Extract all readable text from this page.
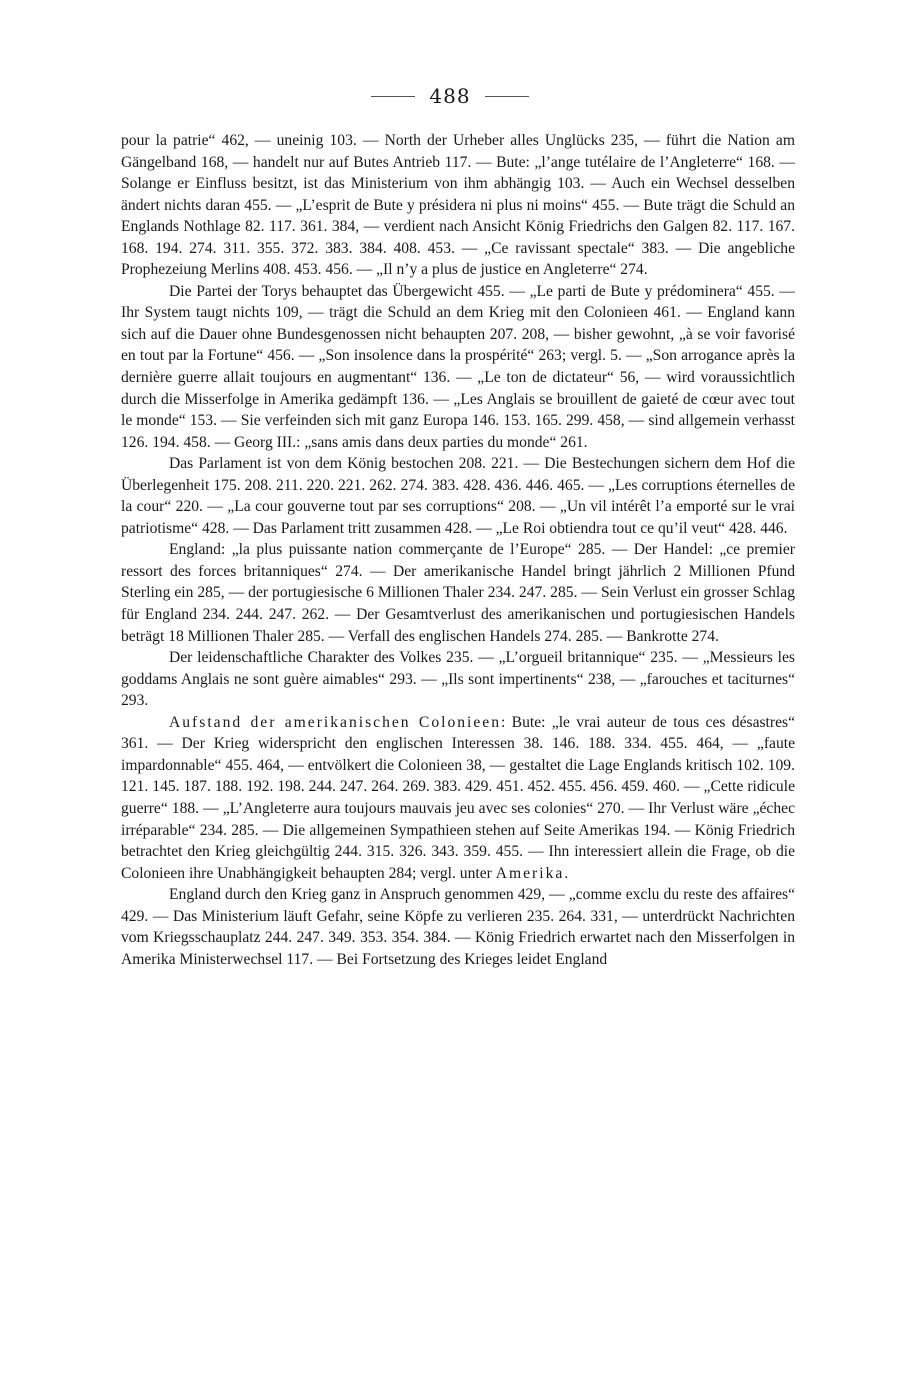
488

pour la patrie“ 462, — uneinig 103. — North der Urheber alles Unglücks 235, — führt die Nation am Gängelband 168, — handelt nur auf Butes Antrieb 117. — Bute: „l’ange tutélaire de l’Angleterre“ 168. — Solange er Einfluss besitzt, ist das Ministerium von ihm abhängig 103. — Auch ein Wechsel desselben ändert nichts daran 455. — „L’esprit de Bute y présidera ni plus ni moins“ 455. — Bute trägt die Schuld an Englands Nothlage 82. 117. 361. 384, — verdient nach Ansicht König Friedrichs den Galgen 82. 117. 167. 168. 194. 274. 311. 355. 372. 383. 384. 408. 453. — „Ce ravissant spectale“ 383. — Die angebliche Prophezeiung Merlins 408. 453. 456. — „Il n’y a plus de justice en Angleterre“ 274.

Die Partei der Torys behauptet das Übergewicht 455. — „Le parti de Bute y prédominera“ 455. — Ihr System taugt nichts 109, — trägt die Schuld an dem Krieg mit den Colonieen 461. — England kann sich auf die Dauer ohne Bundesgenossen nicht behaupten 207. 208, — bisher gewohnt, „à se voir favorisé en tout par la Fortune“ 456. — „Son insolence dans la prospérité“ 263; vergl. 5. — „Son arrogance après la dernière guerre allait toujours en augmentant“ 136. — „Le ton de dictateur“ 56, — wird voraussichtlich durch die Misserfolge in Amerika gedämpft 136. — „Les Anglais se brouillent de gaieté de cœur avec tout le monde“ 153. — Sie verfeinden sich mit ganz Europa 146. 153. 165. 299. 458, — sind allgemein verhasst 126. 194. 458. — Georg III.: „sans amis dans deux parties du monde“ 261.

Das Parlament ist von dem König bestochen 208. 221. — Die Bestechungen sichern dem Hof die Überlegenheit 175. 208. 211. 220. 221. 262. 274. 383. 428. 436. 446. 465. — „Les corruptions éternelles de la cour“ 220. — „La cour gouverne tout par ses corruptions“ 208. — „Un vil intérêt l’a emporté sur le vrai patriotisme“ 428. — Das Parlament tritt zusammen 428. — „Le Roi obtiendra tout ce qu’il veut“ 428. 446.

England: „la plus puissante nation commerçante de l’Europe“ 285. — Der Handel: „ce premier ressort des forces britanniques“ 274. — Der amerikanische Handel bringt jährlich 2 Millionen Pfund Sterling ein 285, — der portugiesische 6 Millionen Thaler 234. 247. 285. — Sein Verlust ein grosser Schlag für England 234. 244. 247. 262. — Der Gesamtverlust des amerikanischen und portugiesischen Handels beträgt 18 Millionen Thaler 285. — Verfall des englischen Handels 274. 285. — Bankrotte 274.

Der leidenschaftliche Charakter des Volkes 235. — „L’orgueil britannique“ 235. — „Messieurs les goddams Anglais ne sont guère aimables“ 293. — „Ils sont impertinents“ 238, — „farouches et taciturnes“ 293.

Aufstand der amerikanischen Colonieen: Bute: „le vrai auteur de tous ces désastres“ 361. — Der Krieg widerspricht den englischen Interessen 38. 146. 188. 334. 455. 464, — „faute impardonnable“ 455. 464, — entvölkert die Colonieen 38, — gestaltet die Lage Englands kritisch 102. 109. 121. 145. 187. 188. 192. 198. 244. 247. 264. 269. 383. 429. 451. 452. 455. 456. 459. 460. — „Cette ridicule guerre“ 188. — „L’Angleterre aura toujours mauvais jeu avec ses colonies“ 270. — Ihr Verlust wäre „échec irréparable“ 234. 285. — Die allgemeinen Sympathieen stehen auf Seite Amerikas 194. — König Friedrich betrachtet den Krieg gleichgültig 244. 315. 326. 343. 359. 455. — Ihn interessiert allein die Frage, ob die Colonieen ihre Unabhängigkeit behaupten 284; vergl. unter Amerika.

England durch den Krieg ganz in Anspruch genommen 429, — „comme exclu du reste des affaires“ 429. — Das Ministerium läuft Gefahr, seine Köpfe zu verlieren 235. 264. 331, — unterdrückt Nachrichten vom Kriegsschauplatz 244. 247. 349. 353. 354. 384. — König Friedrich erwartet nach den Misserfolgen in Amerika Ministerwechsel 117. — Bei Fortsetzung des Krieges leidet England
